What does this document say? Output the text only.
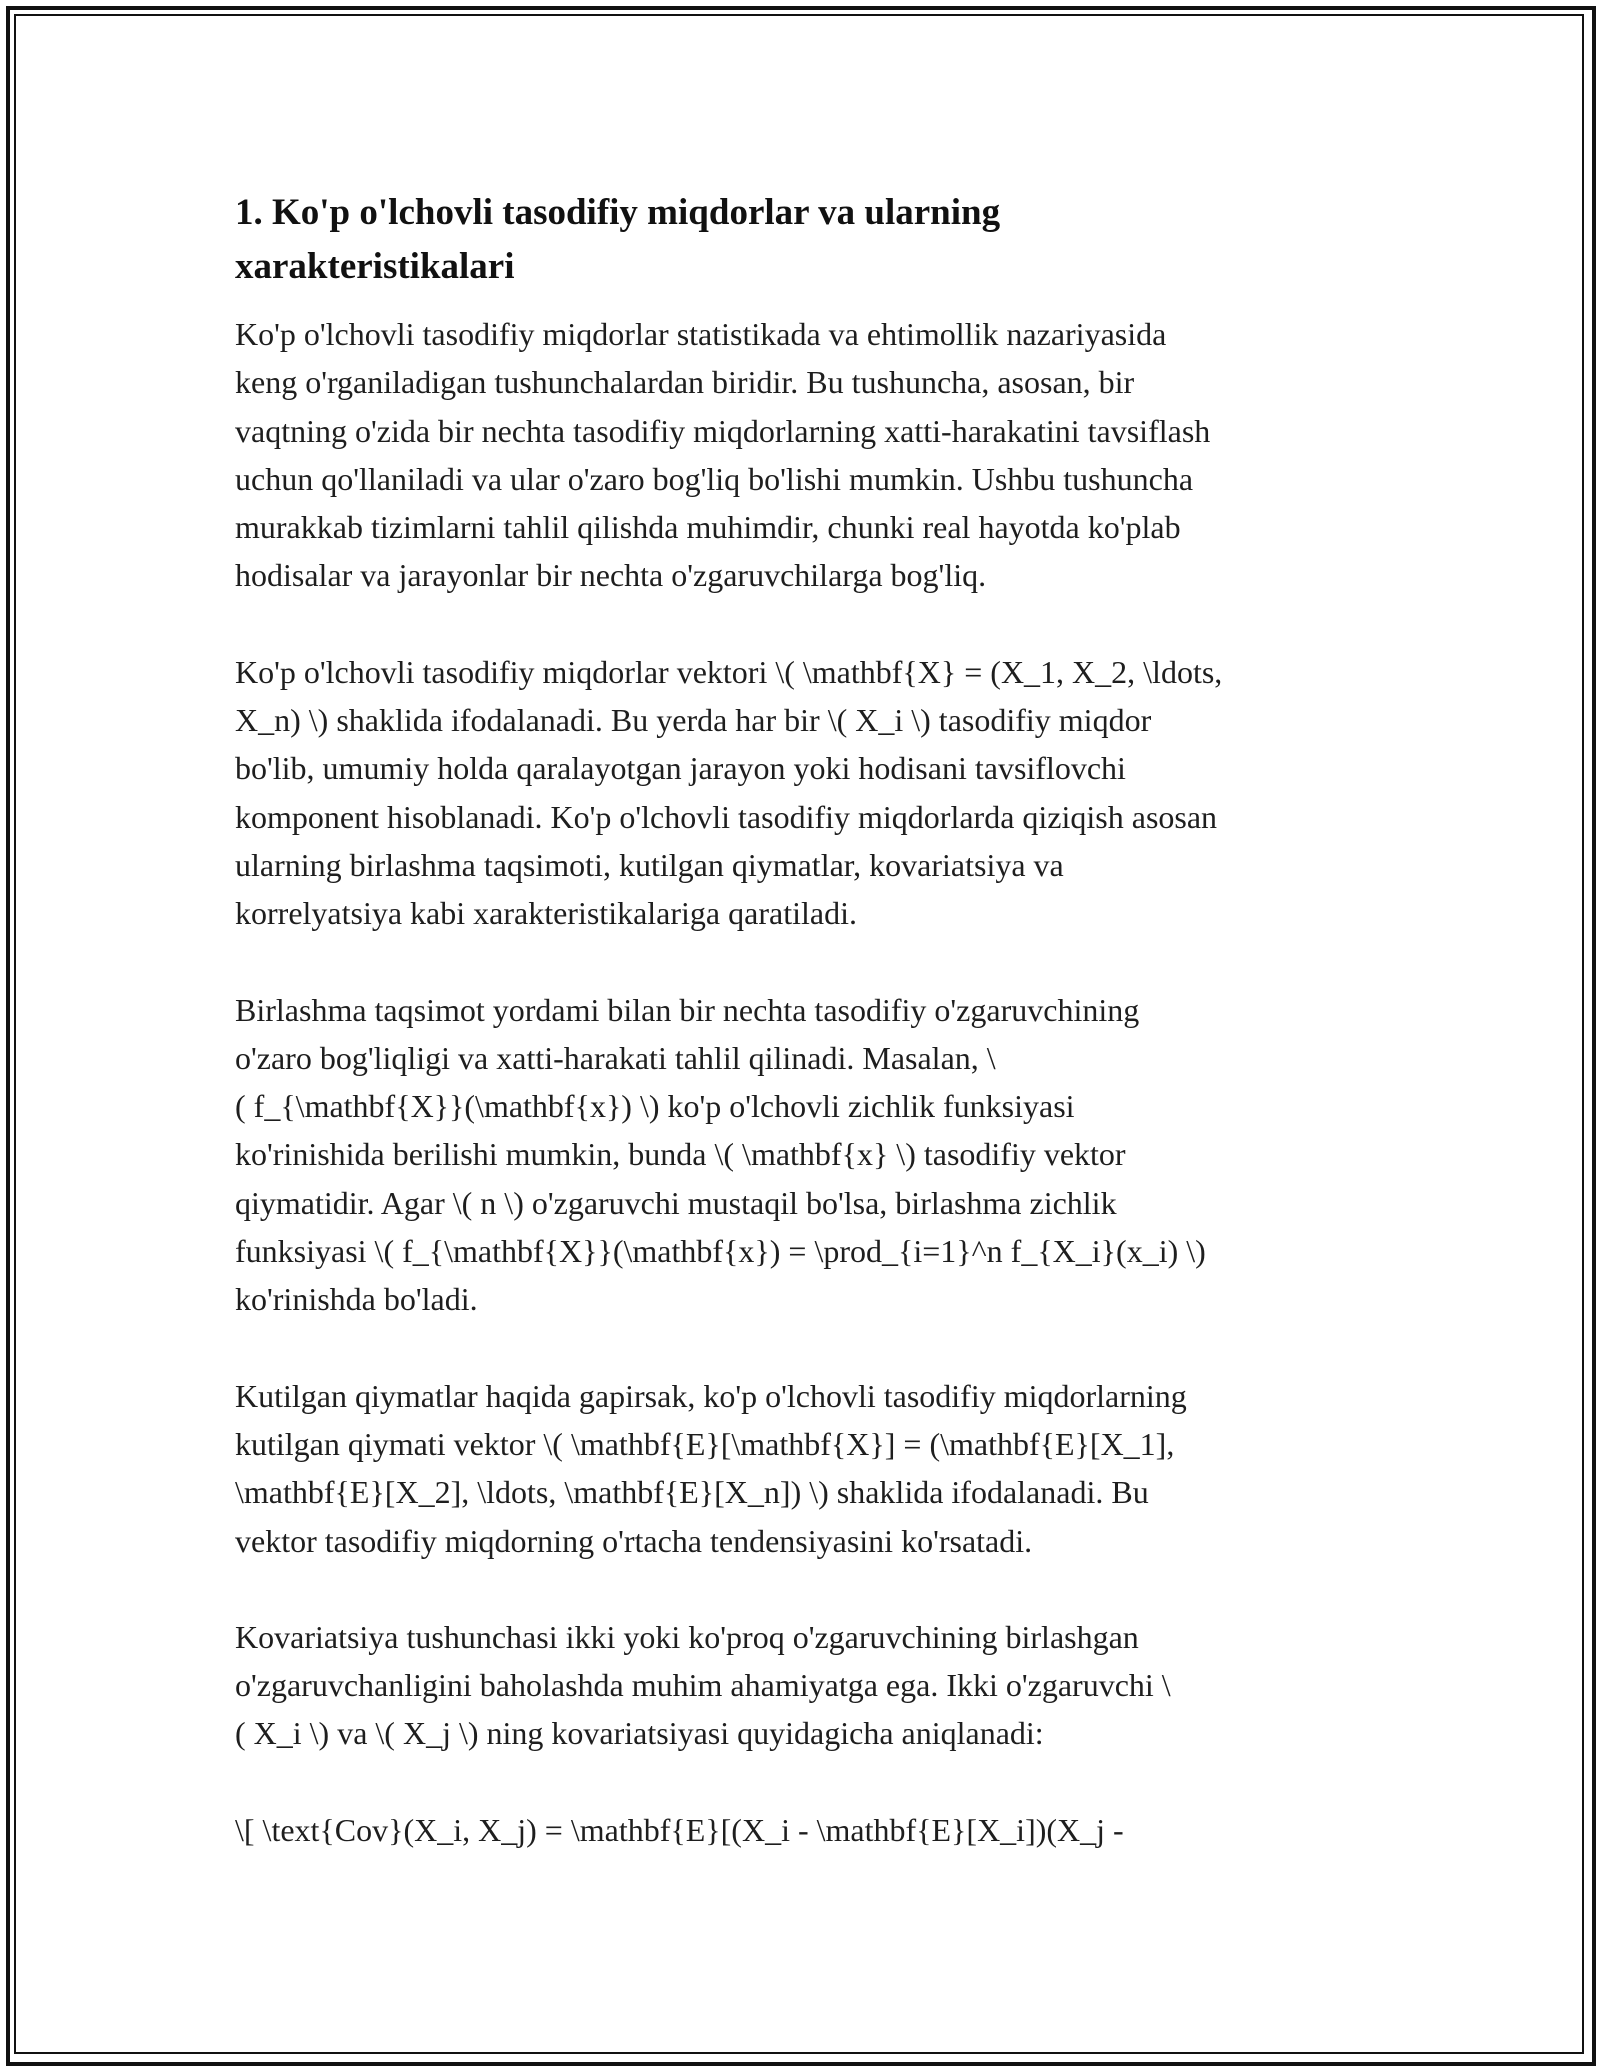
1. Ko'p o'lchovli tasodifiy miqdorlar va ularning
xarakteristikalari

Ko'p o'lchovli tasodifiy miqdorlar statistikada va ehtimollik nazariyasida
keng o'rganiladigan tushunchalardan biridir. Bu tushuncha, asosan, bir
vaqtning o'zida bir nechta tasodifiy miqdorlarning xatti-harakatini tavsiflash
uchun qo'llaniladi va ular o'zaro bog'liq bo'lishi mumkin. Ushbu tushuncha
murakkab tizimlarni tahlil qilishda muhimdir, chunki real hayotda ko'plab
hodisalar va jarayonlar bir nechta o'zgaruvchilarga bog'liq.

Ko'p o'lchovli tasodifiy miqdorlar vektori \( \mathbf{X} = (X_1, X_2, \ldots,
X_n) \) shaklida ifodalanadi. Bu yerda har bir \( X_i \) tasodifiy miqdor
bo'lib, umumiy holda qaralayotgan jarayon yoki hodisani tavsiflovchi
komponent hisoblanadi. Ko'p o'lchovli tasodifiy miqdorlarda qiziqish asosan
ularning birlashma taqsimoti, kutilgan qiymatlar, kovariatsiya va
korrelyatsiya kabi xarakteristikalariga qaratiladi.

Birlashma taqsimot yordami bilan bir nechta tasodifiy o'zgaruvchining
o'zaro bog'liqligi va xatti-harakati tahlil qilinadi. Masalan, \
( f_{\mathbf{X}}(\mathbf{x}) \) ko'p o'lchovli zichlik funksiyasi
ko'rinishida berilishi mumkin, bunda \( \mathbf{x} \) tasodifiy vektor
qiymatidir. Agar \( n \) o'zgaruvchi mustaqil bo'lsa, birlashma zichlik
funksiyasi \( f_{\mathbf{X}}(\mathbf{x}) = \prod_{i=1}^n f_{X_i}(x_i) \)
ko'rinishda bo'ladi.

Kutilgan qiymatlar haqida gapirsak, ko'p o'lchovli tasodifiy miqdorlarning
kutilgan qiymati vektor \( \mathbf{E}[\mathbf{X}] = (\mathbf{E}[X_1],
\mathbf{E}[X_2], \ldots, \mathbf{E}[X_n]) \) shaklida ifodalanadi. Bu
vektor tasodifiy miqdorning o'rtacha tendensiyasini ko'rsatadi.

Kovariatsiya tushunchasi ikki yoki ko'proq o'zgaruvchining birlashgan
o'zgaruvchanligini baholashda muhim ahamiyatga ega. Ikki o'zgaruvchi \
( X_i \) va \( X_j \) ning kovariatsiyasi quyidagicha aniqlanadi:

\[ \text{Cov}(X_i, X_j) = \mathbf{E}[(X_i - \mathbf{E}[X_i])(X_j -
